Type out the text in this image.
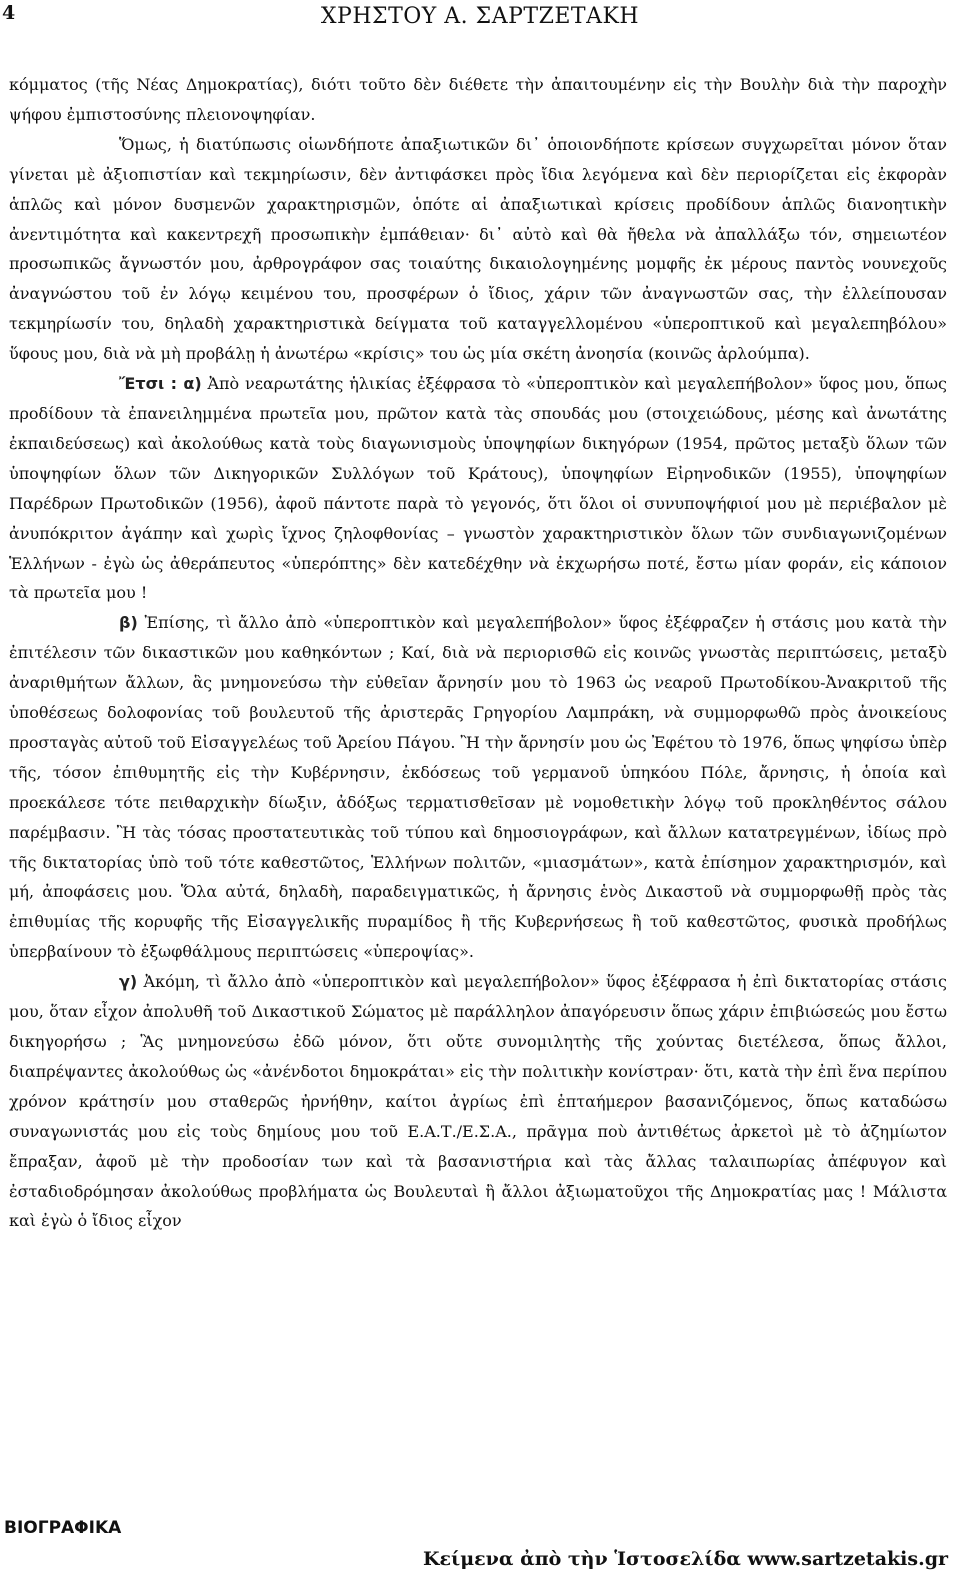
4	ΧΡΗΣΤΟΥ Α. ΣΑΡΤΖΕΤΑΚΗ

κόμματος (τῆς Νέας Δημοκρατίας), διότι τοῦτο δὲν διέθετε τὴν ἀπαιτουμένην εἰς τὴν Βουλὴν διὰ τὴν παροχὴν ψήφου ἐμπιστοσύνης πλειονοψηφίαν.

Ὅμως, ἡ διατύπωσις οἱωνδήποτε ἀπαξιωτικῶν δι᾽ ὁποιονδήποτε κρίσεων συγχωρεῖται μόνον ὅταν γίνεται μὲ ἀξιοπιστίαν καὶ τεκμηρίωσιν, δὲν ἀντιφάσκει πρὸς ἴδια λεγόμενα καὶ δὲν περιορίζεται εἰς ἐκφορὰν ἁπλῶς καὶ μόνον δυσμενῶν χαρακτηρισμῶν, ὁπότε αἱ ἀπαξιωτικαὶ κρίσεις προδίδουν ἁπλῶς διανοητικὴν ἀνεντιμότητα καὶ κακεντρεχῆ προσωπικὴν ἐμπάθειαν· δι᾽ αὐτὸ καὶ θὰ ἤθελα νὰ ἀπαλλάξω τόν, σημειωτέον προσωπικῶς ἄγνωστόν μου, ἀρθρογράφον σας τοιαύτης δικαιολογημένης μομφῆς ἐκ μέρους παντὸς νουνεχοῦς ἀναγνώστου τοῦ ἐν λόγῳ κειμένου του, προσφέρων ὁ ἴδιος, χάριν τῶν ἀναγνωστῶν σας, τὴν ἐλλείπουσαν τεκμηρίωσίν του, δηλαδὴ χαρακτηριστικὰ δείγματα τοῦ καταγγελλομένου «ὑπεροπτικοῦ καὶ μεγαλεπηβόλου» ὕφους μου, διὰ νὰ μὴ προβάλῃ ἡ ἀνωτέρω «κρίσις» του ὡς μία σκέτη ἀνοησία (κοινῶς ἀρλούμπα).

Ἔτσι : α) Ἀπὸ νεαρωτάτης ἡλικίας ἐξέφρασα τὸ «ὑπεροπτικὸν καὶ μεγαλεπήβολον» ὕφος μου, ὅπως προδίδουν τὰ ἐπανειλημμένα πρωτεῖα μου, πρῶτον κατὰ τὰς σπουδάς μου (στοιχειώδους, μέσης καὶ ἀνωτάτης ἐκπαιδεύσεως) καὶ ἀκολούθως κατὰ τοὺς διαγωνισμοὺς ὑποψηφίων δικηγόρων (1954, πρῶτος μεταξὺ ὅλων τῶν ὑποψηφίων ὅλων τῶν Δικηγορικῶν Συλλόγων τοῦ Κράτους), ὑποψηφίων Εἰρηνοδικῶν (1955), ὑποψηφίων Παρέδρων Πρωτοδικῶν (1956), ἀφοῦ πάντοτε παρὰ τὸ γεγονός, ὅτι ὅλοι οἱ συνυποψήφιοί μου μὲ περιέβαλον μὲ ἀνυπόκριτον ἀγάπην καὶ χωρὶς ἴχνος ζηλοφθονίας – γνωστὸν χαρακτηριστικὸν ὅλων τῶν συνδιαγωνιζομένων Ἑλλήνων - ἐγὼ ὡς ἀθεράπευτος «ὑπερόπτης» δὲν κατεδέχθην νὰ ἐκχωρήσω ποτέ, ἔστω μίαν φοράν, εἰς κάποιον τὰ πρωτεῖα μου !

β) Ἐπίσης, τὶ ἄλλο ἀπὸ «ὑπεροπτικὸν καὶ μεγαλεπήβολον» ὕφος ἐξέφραζεν ἡ στάσις μου κατὰ τὴν ἐπιτέλεσιν τῶν δικαστικῶν μου καθηκόντων ; Καί, διὰ νὰ περιορισθῶ εἰς κοινῶς γνωστὰς περιπτώσεις, μεταξὺ ἀναριθμήτων ἄλλων, ἃς μνημονεύσω τὴν εὐθεῖαν ἄρνησίν μου τὸ 1963 ὡς νεαροῦ Πρωτοδίκου-Ἀνακριτοῦ τῆς ὑποθέσεως δολοφονίας τοῦ βουλευτοῦ τῆς ἀριστερᾶς Γρηγορίου Λαμπράκη, νὰ συμμορφωθῶ πρὸς ἀνοικείους προσταγὰς αὐτοῦ τοῦ Εἰσαγγελέως τοῦ Ἀρείου Πάγου. Ἢ τὴν ἄρνησίν μου ὡς Ἐφέτου τὸ 1976, ὅπως ψηφίσω ὑπὲρ τῆς, τόσον ἐπιθυμητῆς εἰς τὴν Κυβέρνησιν, ἐκδόσεως τοῦ γερμανοῦ ὑπηκόου Πόλε, ἄρνησις, ἡ ὁποία καὶ προεκάλεσε τότε πειθαρχικὴν δίωξιν, ἀδόξως τερματισθεῖσαν μὲ νομοθετικὴν λόγῳ τοῦ προκληθέντος σάλου παρέμβασιν. Ἢ τὰς τόσας προστατευτικὰς τοῦ τύπου καὶ δημοσιογράφων, καὶ ἄλλων κατατρεγμένων, ἰδίως πρὸ τῆς δικτατορίας ὑπὸ τοῦ τότε καθεστῶτος, Ἑλλήνων πολιτῶν, «μιασμάτων», κατὰ ἐπίσημον χαρακτηρισμόν, καὶ μή, ἀποφάσεις μου. Ὅλα αὐτά, δηλαδὴ, παραδειγματικῶς, ἡ ἄρνησις ἑνὸς Δικαστοῦ νὰ συμμορφωθῇ πρὸς τὰς ἐπιθυμίας τῆς κορυφῆς τῆς Εἰσαγγελικῆς πυραμίδος ἢ τῆς Κυβερνήσεως ἢ τοῦ καθεστῶτος, φυσικὰ προδήλως ὑπερβαίνουν τὸ ἐξωφθάλμους περιπτώσεις «ὑπεροψίας».

γ) Ἀκόμη, τὶ ἄλλο ἀπὸ «ὑπεροπτικὸν καὶ μεγαλεπήβολον» ὕφος ἐξέφρασα ἡ ἐπὶ δικτατορίας στάσις μου, ὅταν εἶχον ἀπολυθῆ τοῦ Δικαστικοῦ Σώματος μὲ παράλληλον ἀπαγόρευσιν ὅπως χάριν ἐπιβιώσεώς μου ἔστω δικηγορήσω ; Ἃς μνημονεύσω ἐδῶ μόνον, ὅτι οὔτε συνομιλητὴς τῆς χούντας διετέλεσα, ὅπως ἄλλοι, διαπρέψαντες ἀκολούθως ὡς «ἀνένδοτοι δημοκράται» εἰς τὴν πολιτικὴν κονίστραν· ὅτι, κατὰ τὴν ἐπὶ ἕνα περίπου χρόνον κράτησίν μου σταθερῶς ἠρνήθην, καίτοι ἀγρίως ἐπὶ ἑπταήμερον βασανιζόμενος, ὅπως καταδώσω συναγωνιστάς μου εἰς τοὺς δημίους μου τοῦ Ε.Α.Τ./Ε.Σ.Α., πρᾶγμα ποὺ ἀντιθέτως ἀρκετοὶ μὲ τὸ ἀζημίωτον ἔπραξαν, ἀφοῦ μὲ τὴν προδοσίαν των καὶ τὰ βασανιστήρια καὶ τὰς ἄλλας ταλαιπωρίας ἀπέφυγον καὶ ἐσταδιοδρόμησαν ἀκολούθως προβλήματα ὡς Βουλευταὶ ἢ ἄλλοι ἀξιωματοῦχοι τῆς Δημοκρατίας μας ! Μάλιστα καὶ ἐγὼ ὁ ἴδιος εἶχον

ΒΙΟΓΡΑΦΙΚΑ
Κείμενα ἀπὸ τὴν Ἱστοσελίδα www.sartzetakis.gr
